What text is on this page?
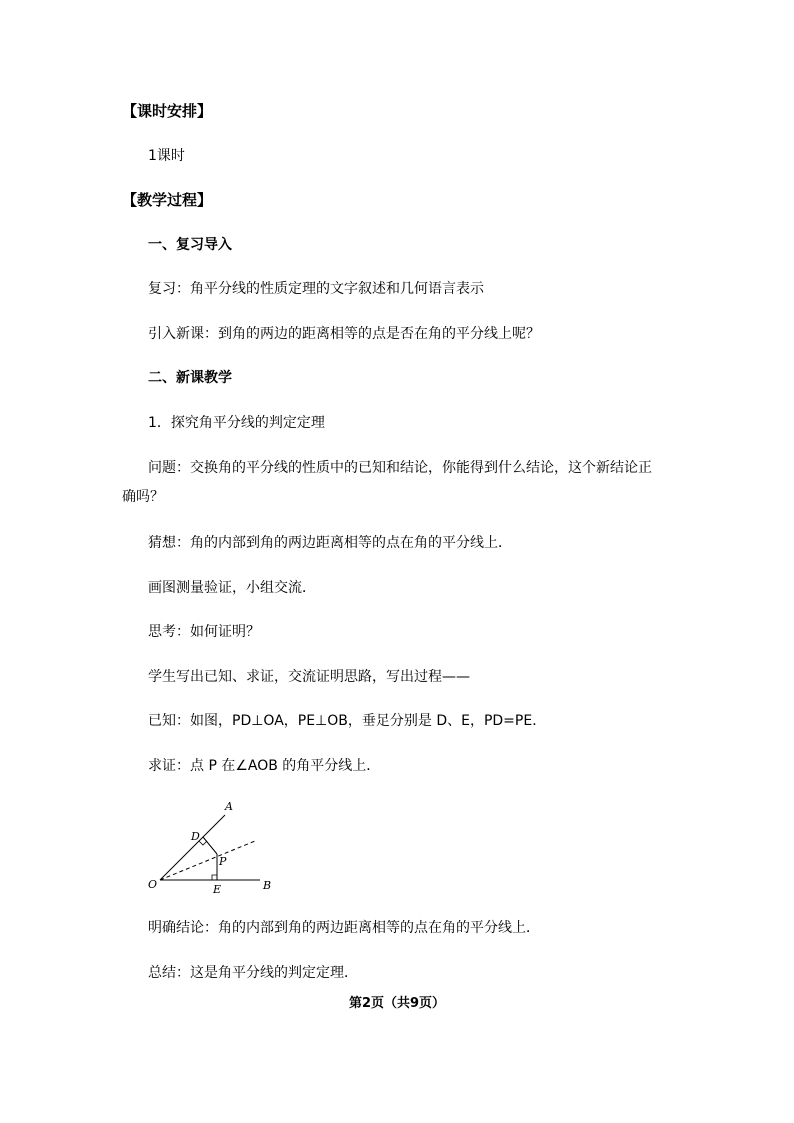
【课时安排】
1课时
【教学过程】
一、复习导入
复习：角平分线的性质定理的文字叙述和几何语言表示
引入新课：到角的两边的距离相等的点是否在角的平分线上呢？
二、新课教学
1．探究角平分线的判定定理
问题：交换角的平分线的性质中的已知和结论，你能得到什么结论，这个新结论正
确吗？
猜想：角的内部到角的两边距离相等的点在角的平分线上．
画图测量验证，小组交流．
思考：如何证明？
学生写出已知、求证，交流证明思路，写出过程——
已知：如图，PD⊥OA，PE⊥OB，垂足分别是 D、E，PD=PE．
求证：点 P 在∠AOB 的角平分线上．
A
B
O
D
E
P
明确结论：角的内部到角的两边距离相等的点在角的平分线上．
总结：这是角平分线的判定定理．
第2页（共9页）
